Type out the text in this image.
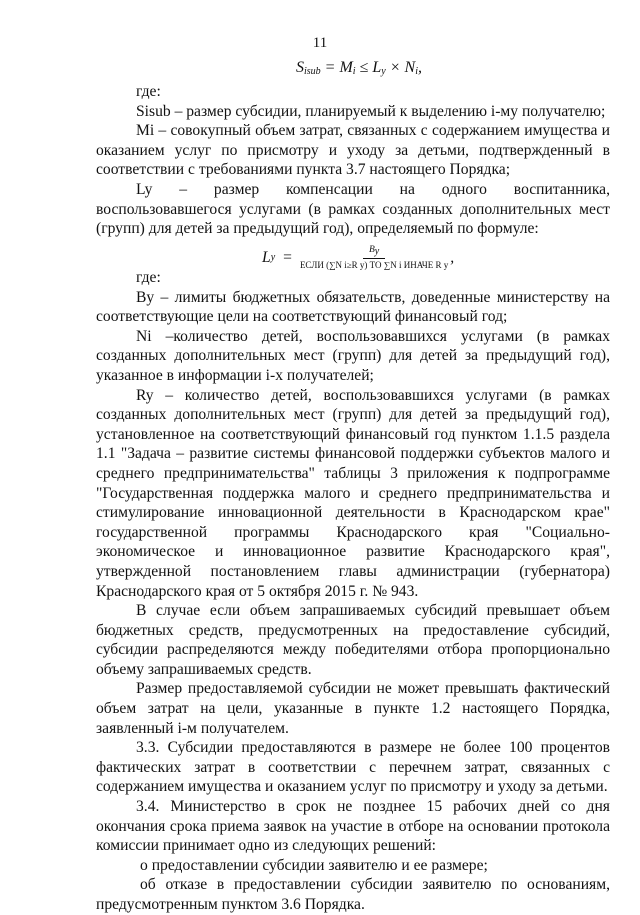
11
$S_{isub} = M_i \le L_y \times N_i$,

где:

Sisub – размер субсидии, планируемый к выделению i-му получателю;

Mi – совокупный объем затрат, связанных с содержанием имущества и оказанием услуг по присмотру и уходу за детьми, подтвержденный в соответствии с требованиями пункта 3.7 настоящего Порядка;

Ly – размер компенсации на одного воспитанника, воспользовавшегося услугами (в рамках созданных дополнительных мест (групп) для детей за предыдущий год), определяемый по формуле:

L $y = \frac{B_y}{\text{ЕСЛИ (∑N i≥R y) ТО ∑N i ИНАЧЕ R y}}$ ,

где:

By – лимиты бюджетных обязательств, доведенные министерству на соответствующие цели на соответствующий финансовый год;

Ni –количество детей, воспользовавшихся услугами (в рамках созданных дополнительных мест (групп) для детей за предыдущий год), указанное в информации i-х получателей;

Ry – количество детей, воспользовавшихся услугами (в рамках созданных дополнительных мест (групп) для детей за предыдущий год), установленное на соответствующий финансовый год пунктом 1.1.5 раздела 1.1 "Задача – развитие системы финансовой поддержки субъектов малого и среднего предпринимательства" таблицы 3 приложения к подпрограмме "Государственная поддержка малого и среднего предпринимательства и стимулирование инновационной деятельности в Краснодарском крае" государственной программы Краснодарского края "Социально-экономическое и инновационное развитие Краснодарского края", утвержденной постановлением главы администрации (губернатора) Краснодарского края от 5 октября 2015 г. № 943.

В случае если объем запрашиваемых субсидий превышает объем бюджетных средств, предусмотренных на предоставление субсидий, субсидии распределяются между победителями отбора пропорционально объему запрашиваемых средств.

Размер предоставляемой субсидии не может превышать фактический объем затрат на цели, указанные в пункте 1.2 настоящего Порядка, заявленный i-м получателем.

3.3. Субсидии предоставляются в размере не более 100 процентов фактических затрат в соответствии с перечнем затрат, связанных с содержанием имущества и оказанием услуг по присмотру и уходу за детьми.

3.4. Министерство в срок не позднее 15 рабочих дней со дня окончания срока приема заявок на участие в отборе на основании протокола комиссии принимает одно из следующих решений:

о предоставлении субсидии заявителю и ее размере;

об отказе в предоставлении субсидии заявителю по основаниям, предусмотренным пунктом 3.6 Порядка.
